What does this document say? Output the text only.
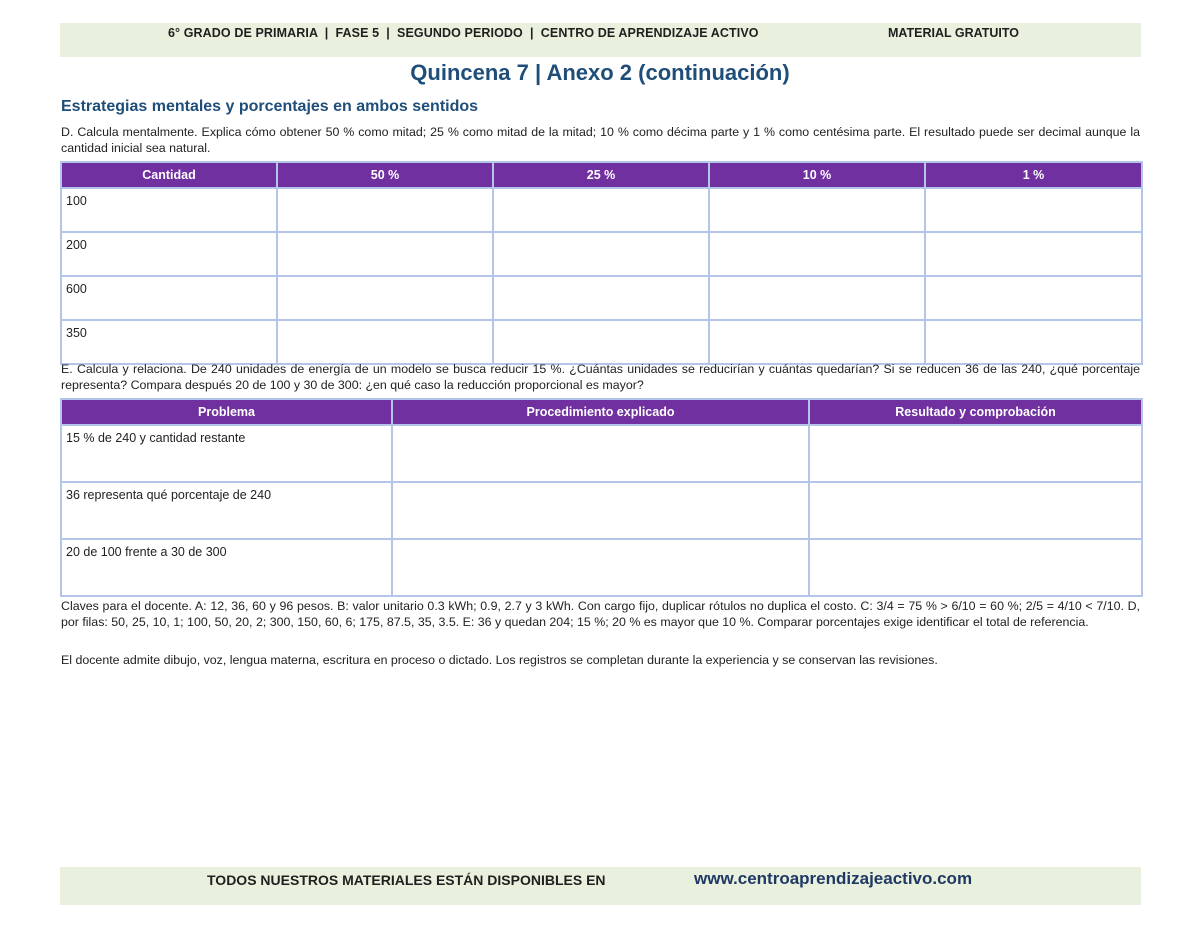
6° GRADO DE PRIMARIA  |  FASE 5  |  SEGUNDO PERIODO  |  CENTRO DE APRENDIZAJE ACTIVO	MATERIAL GRATUITO
Quincena 7 | Anexo 2 (continuación)
Estrategias mentales y porcentajes en ambos sentidos
D. Calcula mentalmente. Explica cómo obtener 50 % como mitad; 25 % como mitad de la mitad; 10 % como décima parte y 1 % como centésima parte. El resultado puede ser decimal aunque la cantidad inicial sea natural.
Cantidad	50 %	25 %	10 %	1 %
100				
200				
600				
350				
E. Calcula y relaciona. De 240 unidades de energía de un modelo se busca reducir 15 %. ¿Cuántas unidades se reducirían y cuántas quedarían? Si se reducen 36 de las 240, ¿qué porcentaje representa? Compara después 20 de 100 y 30 de 300: ¿en qué caso la reducción proporcional es mayor?
Problema	Procedimiento explicado	Resultado y comprobación
15 % de 240 y cantidad restante		
36 representa qué porcentaje de 240		
20 de 100 frente a 30 de 300		
Claves para el docente. A: 12, 36, 60 y 96 pesos. B: valor unitario 0.3 kWh; 0.9, 2.7 y 3 kWh. Con cargo fijo, duplicar rótulos no duplica el costo. C: 3/4 = 75 % > 6/10 = 60 %; 2/5 = 4/10 < 7/10. D, por filas: 50, 25, 10, 1; 100, 50, 20, 2; 300, 150, 60, 6; 175, 87.5, 35, 3.5. E: 36 y quedan 204; 15 %; 20 % es mayor que 10 %. Comparar porcentajes exige identificar el total de referencia.
El docente admite dibujo, voz, lengua materna, escritura en proceso o dictado. Los registros se completan durante la experiencia y se conservan las revisiones.
TODOS NUESTROS MATERIALES ESTÁN DISPONIBLES EN	www.centroaprendizajeactivo.com
